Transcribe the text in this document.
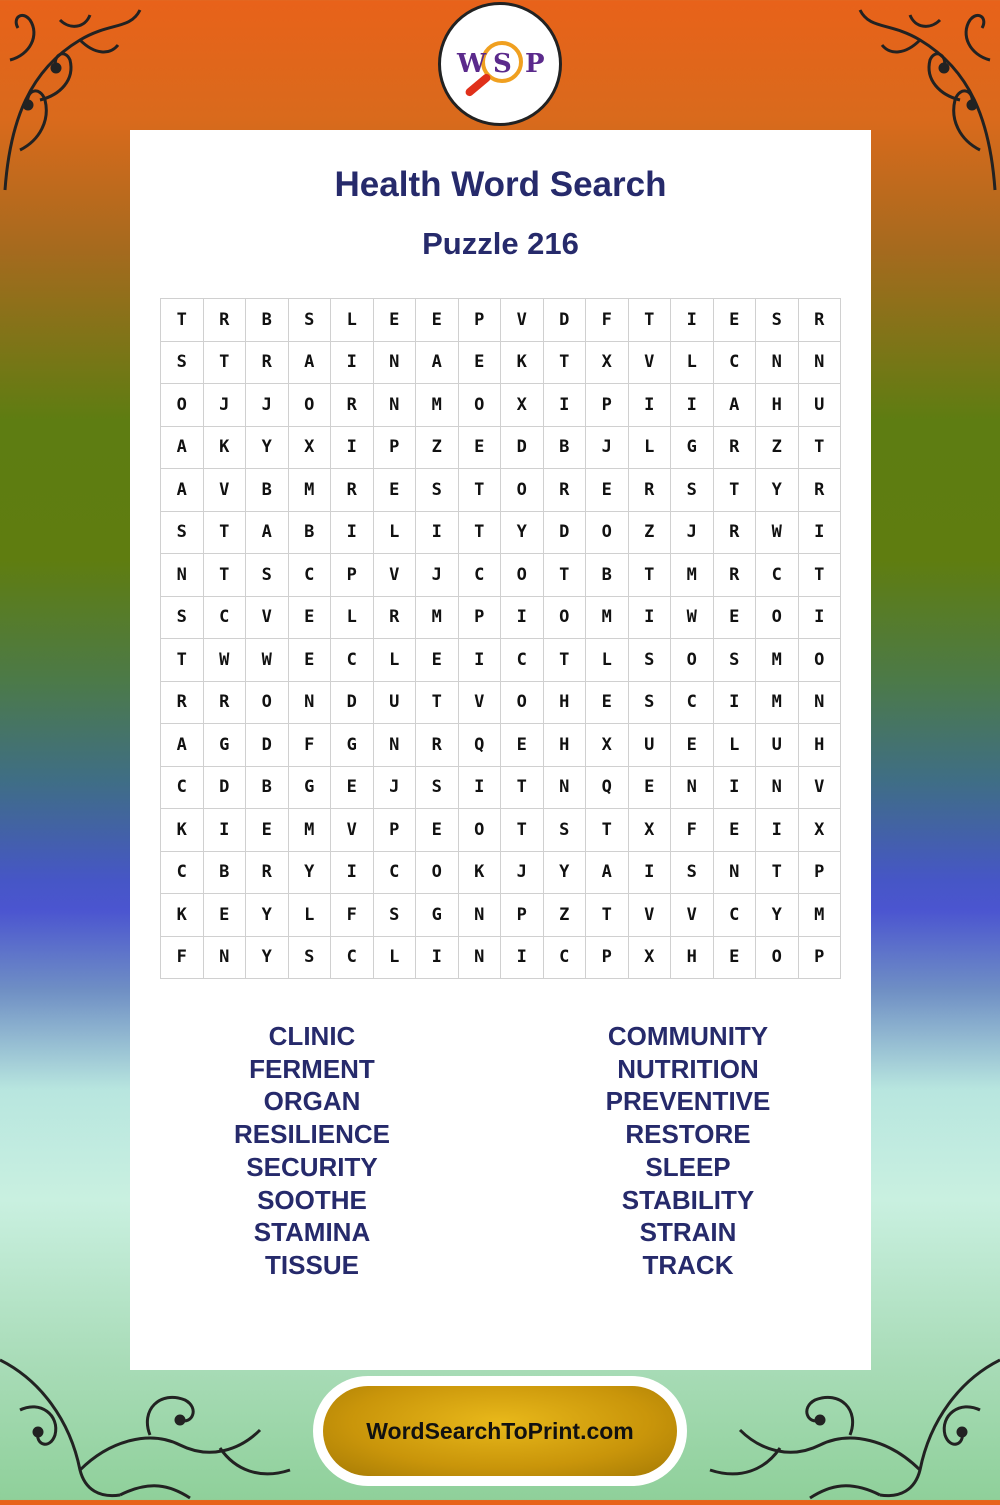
W S P
Health Word Search
Puzzle 216
T	R	B	S	L	E	E	P	V	D	F	T	I	E	S	R
S	T	R	A	I	N	A	E	K	T	X	V	L	C	N	N
O	J	J	O	R	N	M	O	X	I	P	I	I	A	H	U
A	K	Y	X	I	P	Z	E	D	B	J	L	G	R	Z	T
A	V	B	M	R	E	S	T	O	R	E	R	S	T	Y	R
S	T	A	B	I	L	I	T	Y	D	O	Z	J	R	W	I
N	T	S	C	P	V	J	C	O	T	B	T	M	R	C	T
S	C	V	E	L	R	M	P	I	O	M	I	W	E	O	I
T	W	W	E	C	L	E	I	C	T	L	S	O	S	M	O
R	R	O	N	D	U	T	V	O	H	E	S	C	I	M	N
A	G	D	F	G	N	R	Q	E	H	X	U	E	L	U	H
C	D	B	G	E	J	S	I	T	N	Q	E	N	I	N	V
K	I	E	M	V	P	E	O	T	S	T	X	F	E	I	X
C	B	R	Y	I	C	O	K	J	Y	A	I	S	N	T	P
K	E	Y	L	F	S	G	N	P	Z	T	V	V	C	Y	M
F	N	Y	S	C	L	I	N	I	C	P	X	H	E	O	P
CLINIC
FERMENT
ORGAN
RESILIENCE
SECURITY
SOOTHE
STAMINA
TISSUE
COMMUNITY
NUTRITION
PREVENTIVE
RESTORE
SLEEP
STABILITY
STRAIN
TRACK
WordSearchToPrint.com
